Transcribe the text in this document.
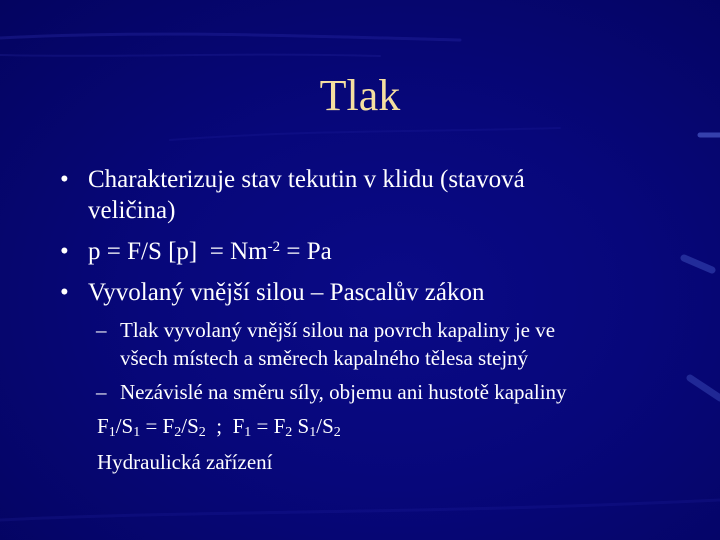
Tlak
• Charakterizuje stav tekutin v klidu (stavová
veličina)
• p = F/S $[p] = Nm^{-2} = Pa$
• Vyvolaný vnější silou – Pascalův zákon
– Tlak vyvolaný vnější silou na povrch kapaliny je ve
všech místech a směrech kapalného tělesa stejný
– Nezávislé na směru síly, objemu ani hustotě kapaliny
$F_1/S_1 = F_2/S_2$  ;  $F_1 = F_2$ $S_1/S_2$
Hydraulická zařízení
